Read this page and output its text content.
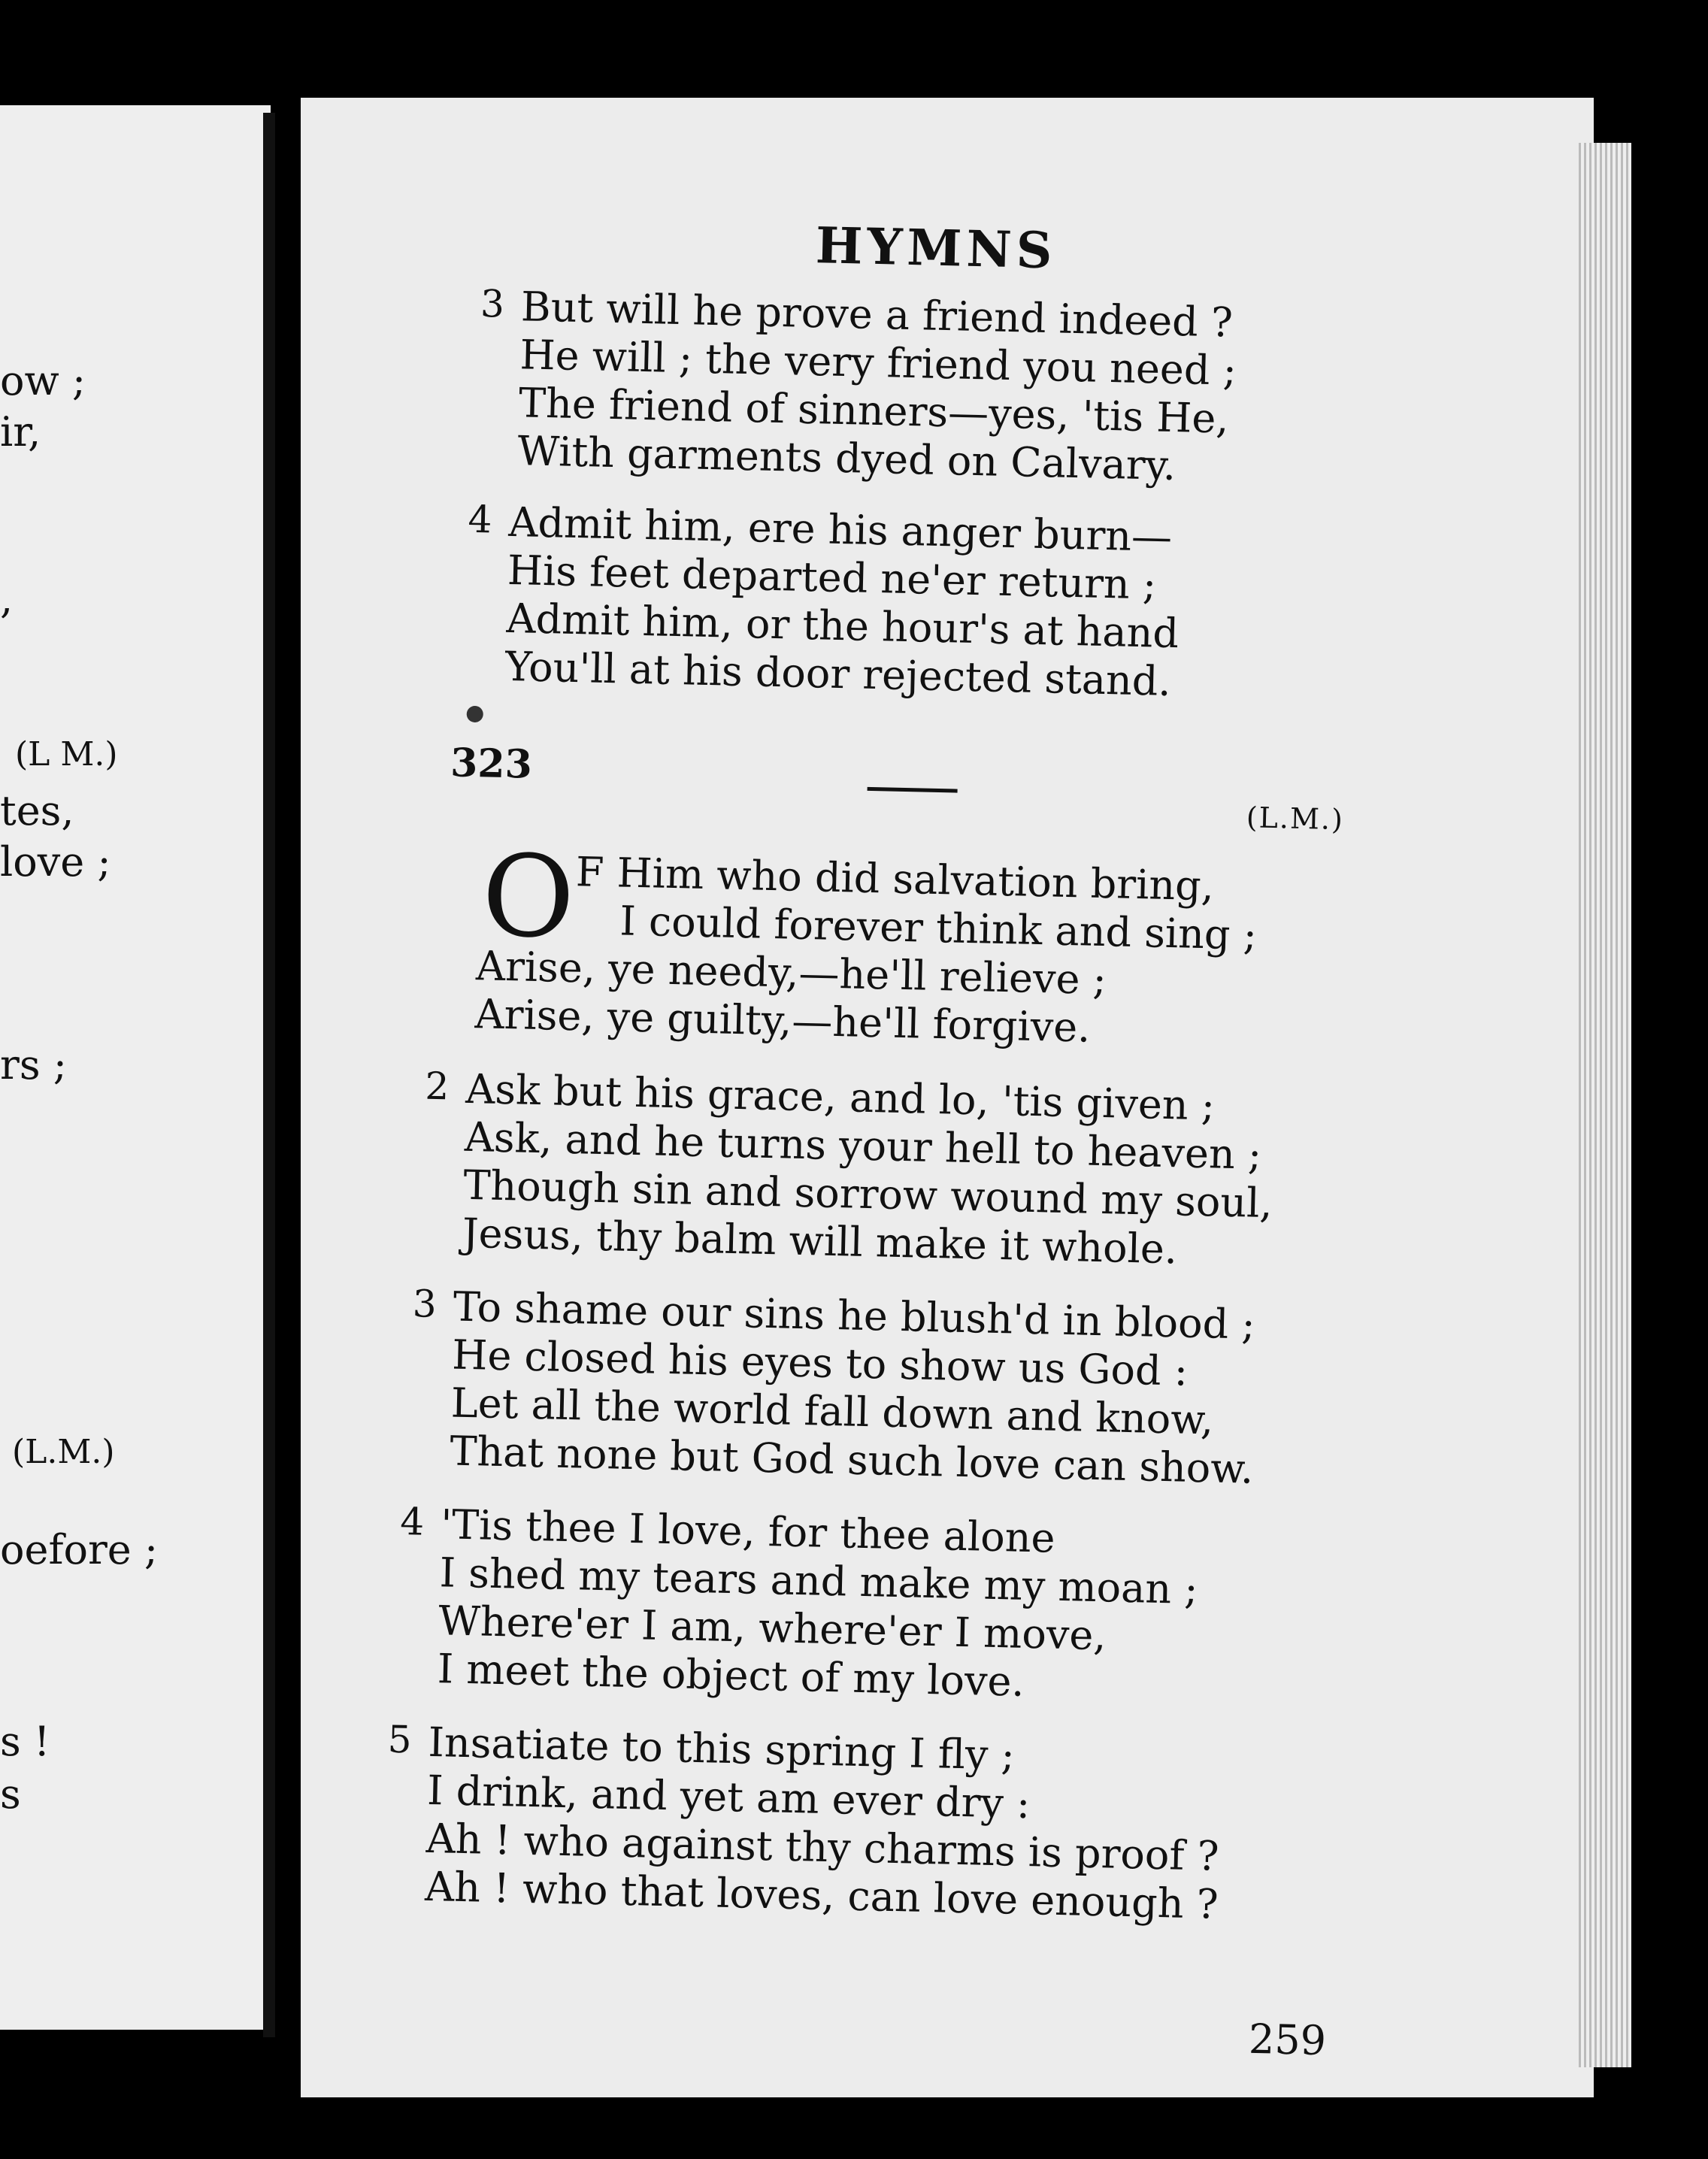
ow ;
ir,
,
(L M.)
tes,
love ;
rs ;
(L.M.)
oefore ;
s !
s
HYMNS
3 But will he prove a friend indeed ?
He will ; the very friend you need ;
The friend of sinners—yes, 'tis He,
With garments dyed on Calvary.
4 Admit him, ere his anger burn—
His feet departed ne'er return ;
Admit him, or the hour's at hand
You'll at his door rejected stand.
323
(L.M.)
O F Him who did salvation bring,
I could forever think and sing ;
Arise, ye needy,—he'll relieve ;
Arise, ye guilty,—he'll forgive.
2 Ask but his grace, and lo, 'tis given ;
Ask, and he turns your hell to heaven ;
Though sin and sorrow wound my soul,
Jesus, thy balm will make it whole.
3 To shame our sins he blush'd in blood ;
He closed his eyes to show us God :
Let all the world fall down and know,
That none but God such love can show.
4 'Tis thee I love, for thee alone
I shed my tears and make my moan ;
Where'er I am, where'er I move,
I meet the object of my love.
5 Insatiate to this spring I fly ;
I drink, and yet am ever dry :
Ah ! who against thy charms is proof ?
Ah ! who that loves, can love enough ?
259
